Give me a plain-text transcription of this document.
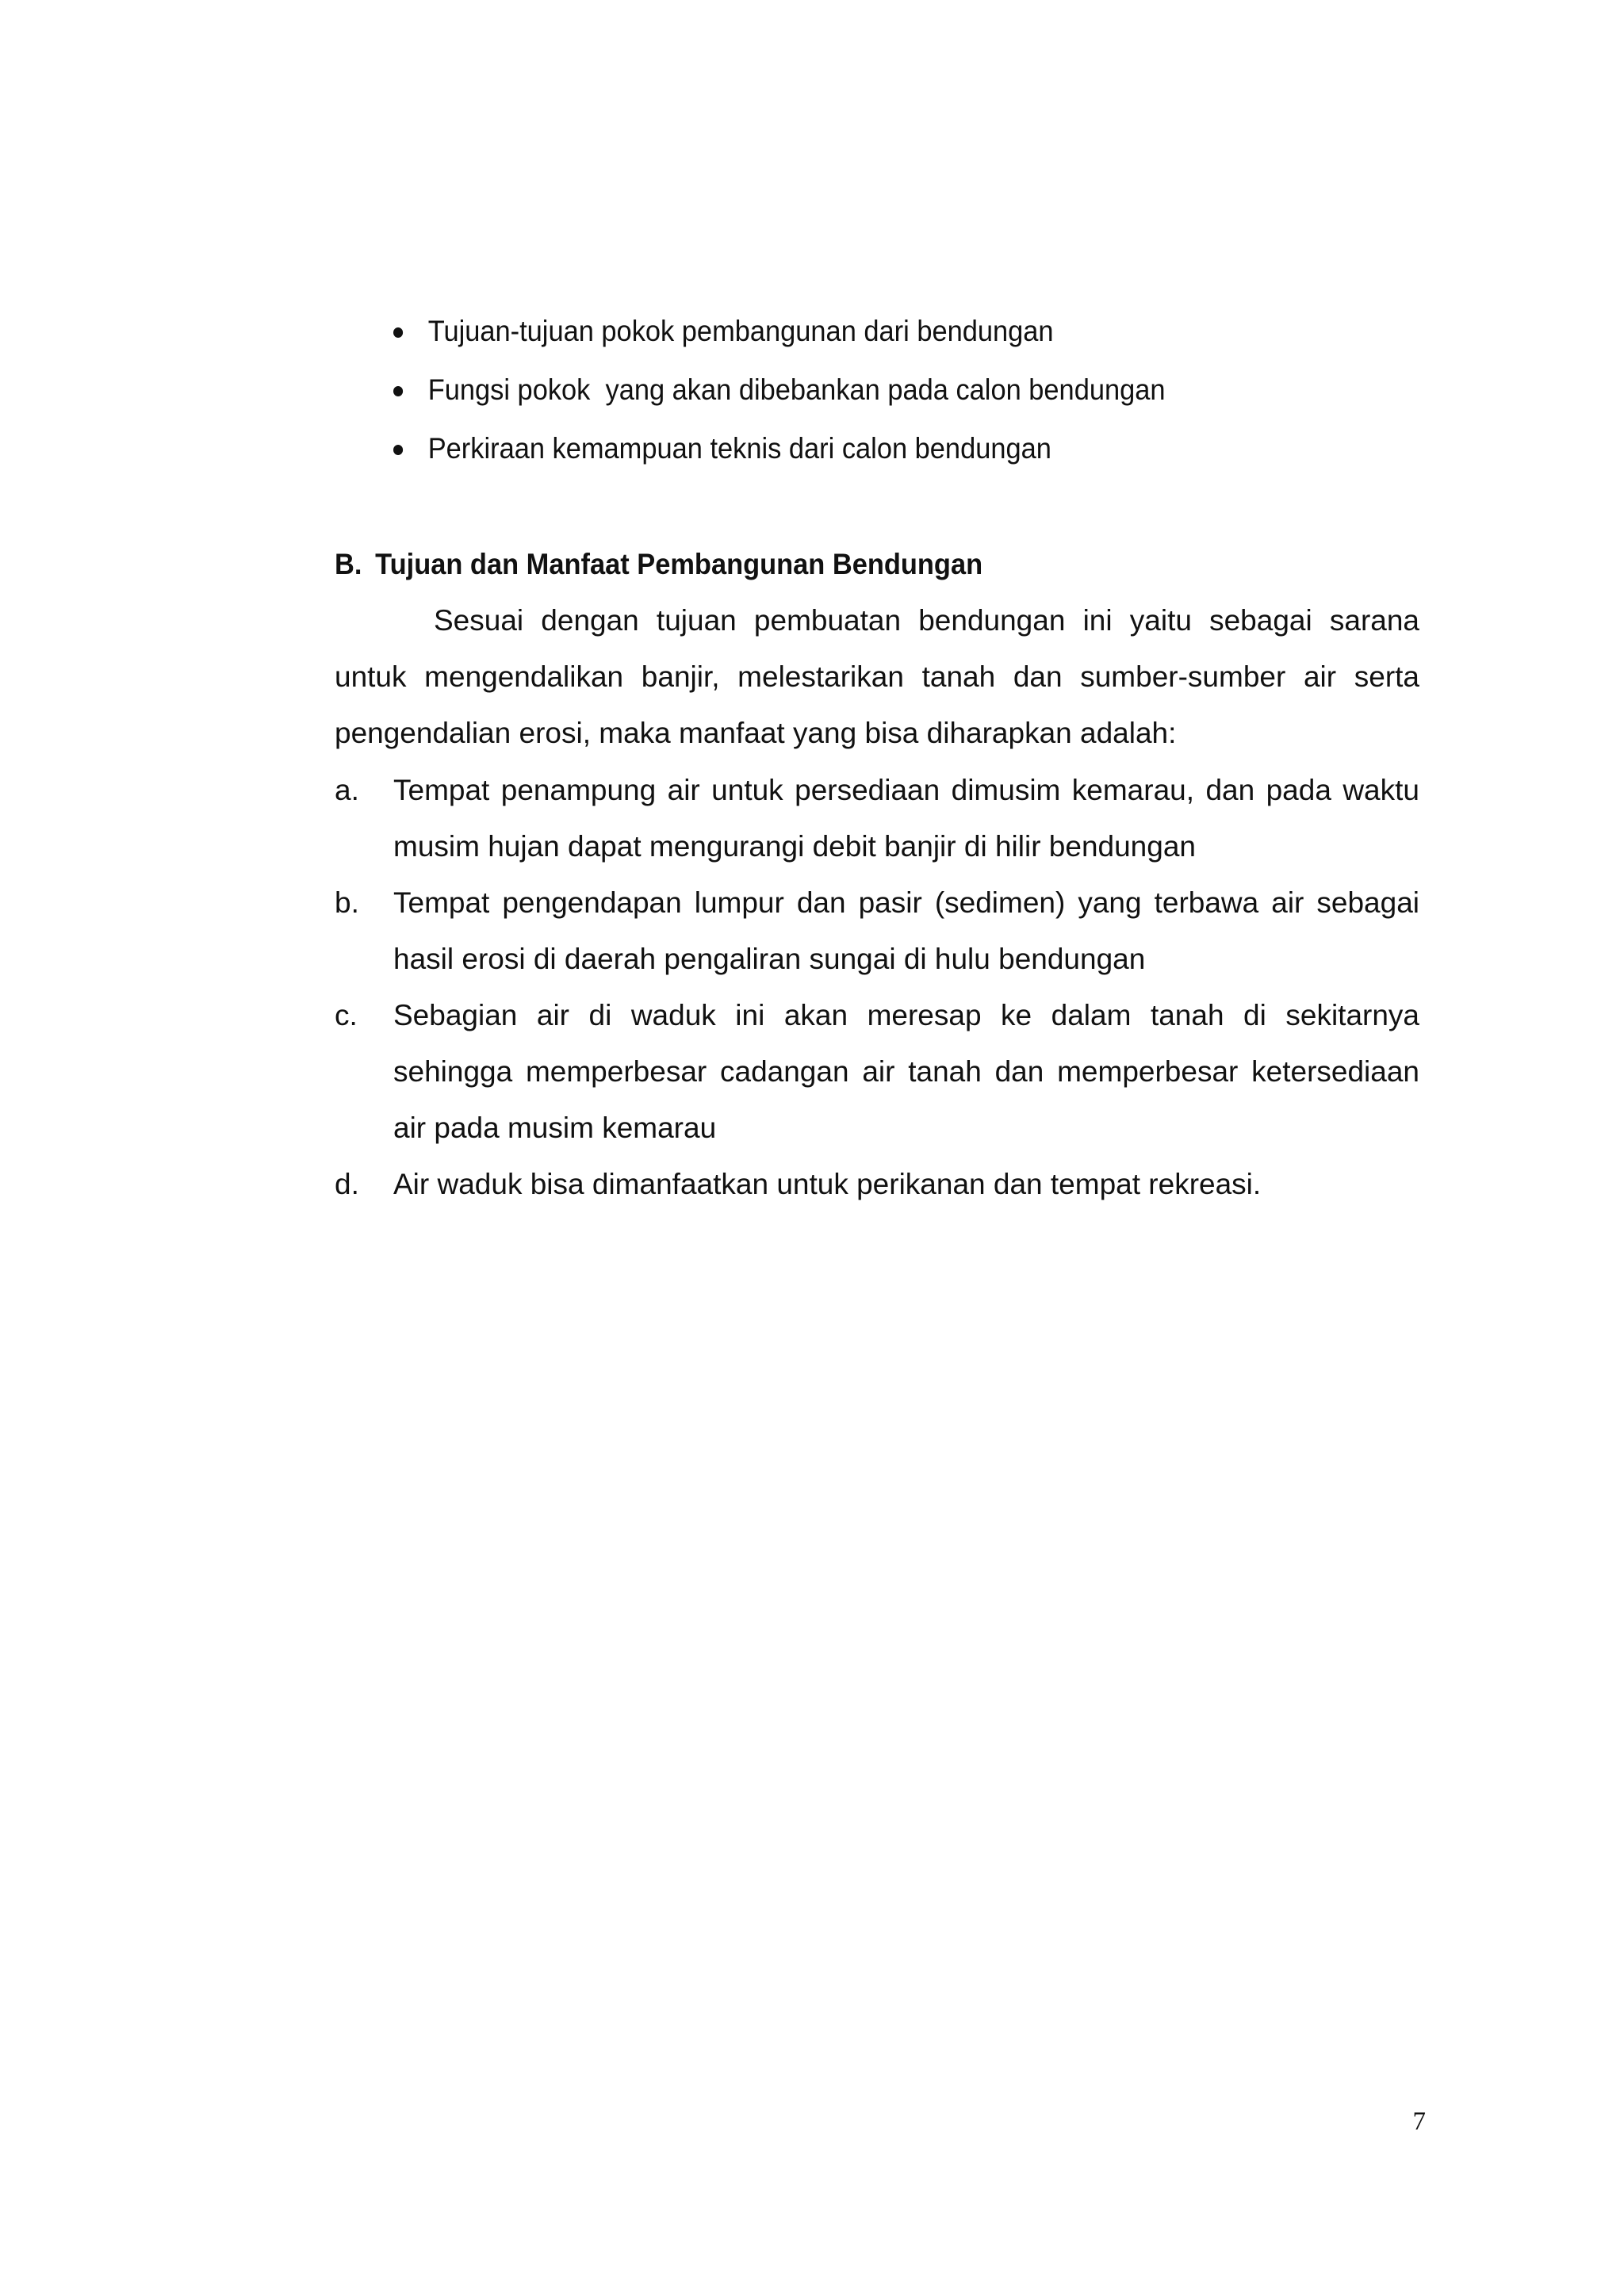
Tujuan-tujuan pokok pembangunan dari bendungan
Fungsi pokok  yang akan dibebankan pada calon bendungan
Perkiraan kemampuan teknis dari calon bendungan
B. Tujuan dan Manfaat Pembangunan Bendungan

Sesuai dengan tujuan pembuatan bendungan ini yaitu sebagai sarana untuk mengendalikan banjir, melestarikan tanah dan sumber-sumber air serta pengendalian erosi, maka manfaat yang bisa diharapkan adalah:

a. Tempat penampung air untuk persediaan dimusim kemarau, dan pada waktu musim hujan dapat mengurangi debit banjir di hilir bendungan
b. Tempat pengendapan lumpur dan pasir (sedimen) yang terbawa air sebagai hasil erosi di daerah pengaliran sungai di hulu bendungan
c. Sebagian air di waduk ini akan meresap ke dalam tanah di sekitarnya sehingga memperbesar cadangan air tanah dan memperbesar ketersediaan air pada musim kemarau
d. Air waduk bisa dimanfaatkan untuk perikanan dan tempat rekreasi.
7
